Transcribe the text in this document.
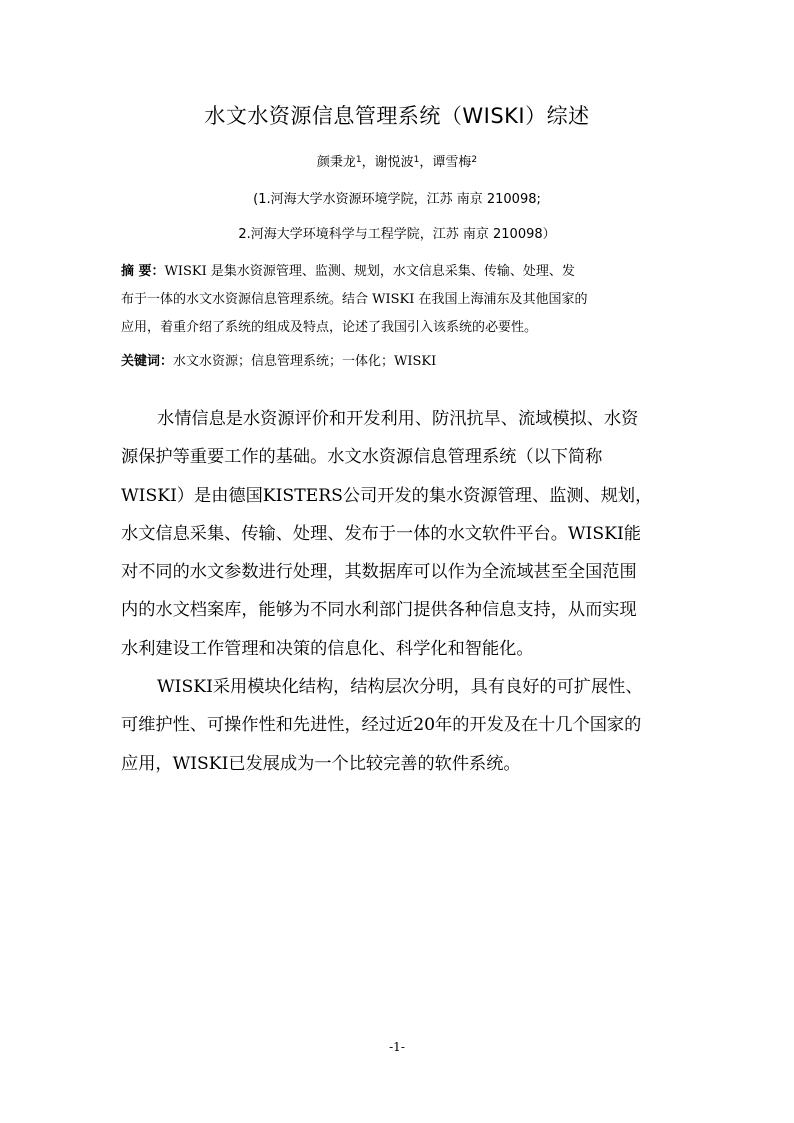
水文水资源信息管理系统（WISKI）综述
颜秉龙$^1$，谢悦波$^1$，谭雪梅$^2$
(1.河海大学水资源环境学院，江苏 南京 210098;
2.河海大学环境科学与工程学院，江苏 南京 210098）
摘 要：WISKI 是集水资源管理、监测、规划，水文信息采集、传输、处理、发
布于一体的水文水资源信息管理系统。结合 WISKI 在我国上海浦东及其他国家的
应用，着重介绍了系统的组成及特点，论述了我国引入该系统的必要性。
关键词：水文水资源；信息管理系统；一体化；WISKI
水情信息是水资源评价和开发利用、防汛抗旱、流域模拟、水资
源保护等重要工作的基础。水文水资源信息管理系统（以下简称
WISKI）是由德国KISTERS公司开发的集水资源管理、监测、规划，
水文信息采集、传输、处理、发布于一体的水文软件平台。WISKI能
对不同的水文参数进行处理，其数据库可以作为全流域甚至全国范围
内的水文档案库，能够为不同水利部门提供各种信息支持，从而实现
水利建设工作管理和决策的信息化、科学化和智能化。
WISKI采用模块化结构，结构层次分明，具有良好的可扩展性、
可维护性、可操作性和先进性，经过近20年的开发及在十几个国家的
应用，WISKI已发展成为一个比较完善的软件系统。
-1-
